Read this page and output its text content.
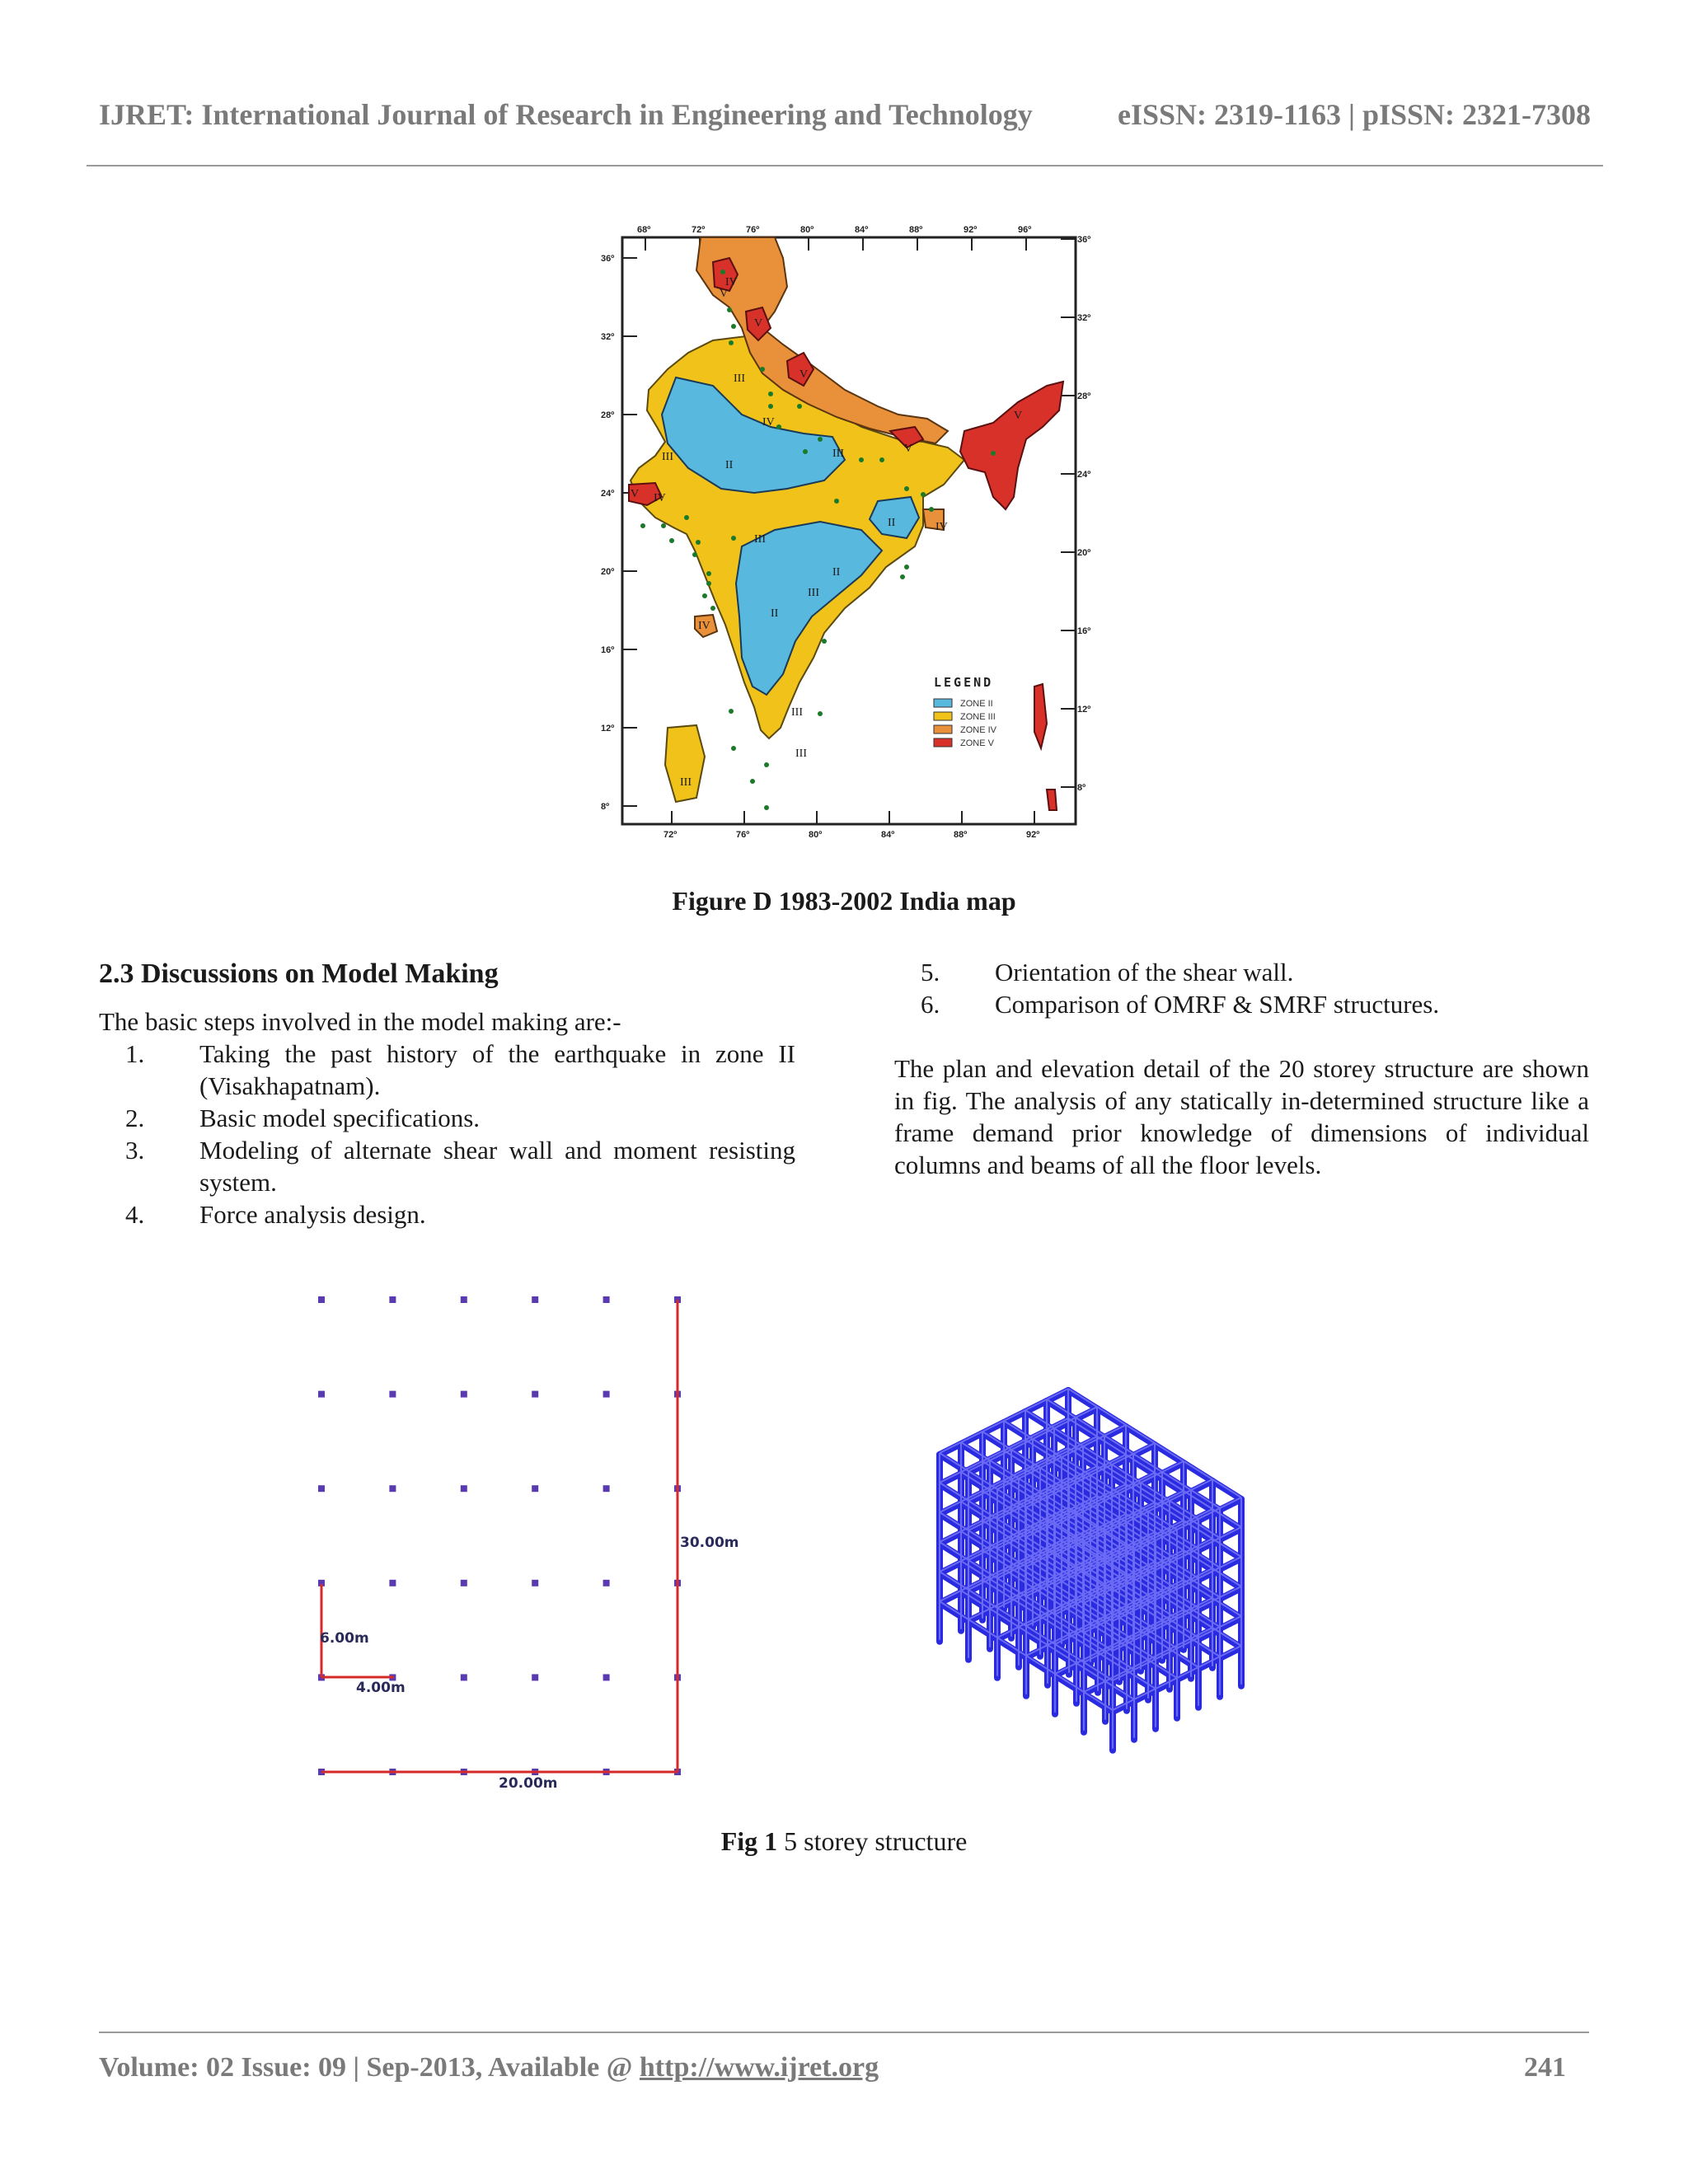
IJRET: International Journal of Research in Engineering and Technology	eISSN: 2319-1163 | pISSN: 2321-7308
68º	72º	76º	80º	84º	88º	92º	96º
72º	76º	80º	84º	88º	92º
36º
32º
28º
24º
20º
16º
12º
8º
36º
32º
28º
24º
20º
16º
12º
8º
IV
V
V
V
III
IV
III
II
III	V
V
IV
II	IV
III
II
III
II
IV
III
III
III
V
LEGEND
ZONE II
ZONE III
ZONE IV
ZONE V
Figure D 1983-2002 India map
2.3 Discussions on Model Making

The basic steps involved in the model making are:-

1. Taking the past history of the earthquake in zone II (Visakhapatnam).
2. Basic model specifications.
3. Modeling of alternate shear wall and moment resisting system.
4. Force analysis design.
5. Orientation of the shear wall.
6. Comparison of OMRF & SMRF structures.

The plan and elevation detail of the 20 storey structure are shown in fig. The analysis of any statically in-determined structure like a frame demand prior knowledge of dimensions of individual columns and beams of all the floor levels.

30.00m
6.00m
4.00m
20.00m
Fig 1 5 storey structure
Volume: 02 Issue: 09 | Sep-2013, Available @ http://www.ijret.org	241
